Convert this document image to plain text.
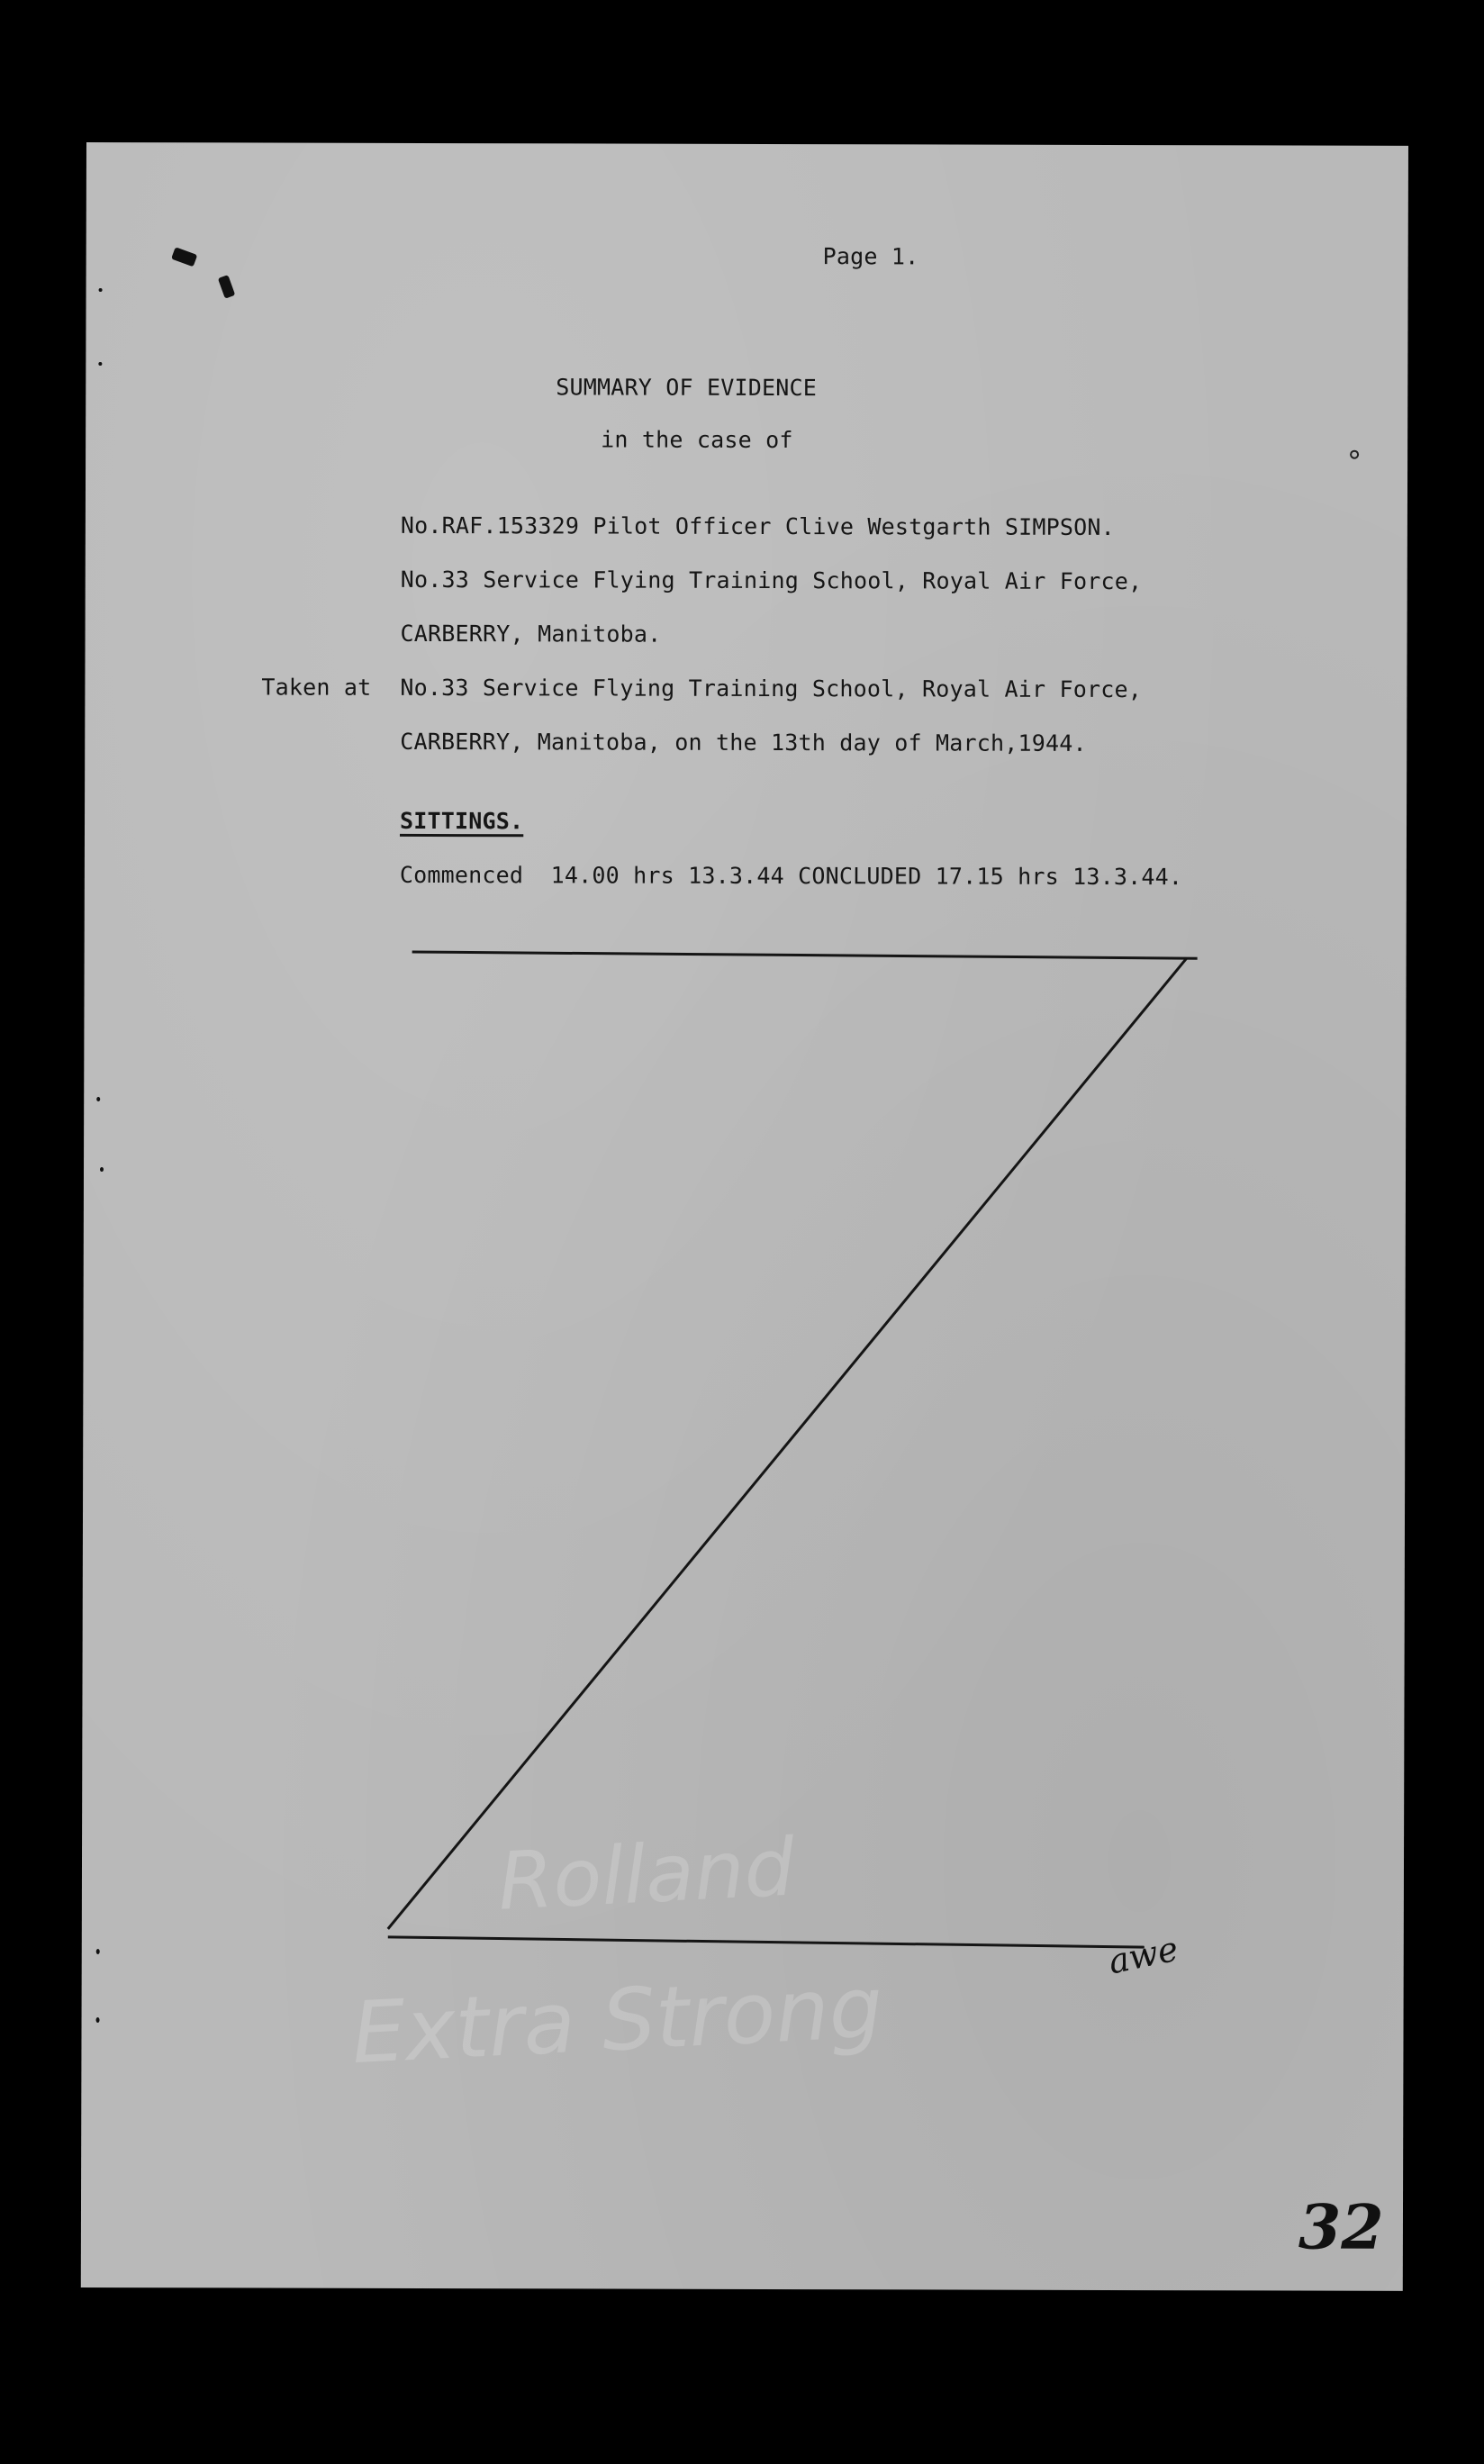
Page 1.
SUMMARY OF EVIDENCE
in the case of
No.RAF.153329 Pilot Officer Clive Westgarth SIMPSON.
No.33 Service Flying Training School, Royal Air Force,
CARBERRY, Manitoba.
Taken at No.33 Service Flying Training School, Royal Air Force,
CARBERRY, Manitoba, on the 13th day of March,1944.
SITTINGS.
Commenced  14.00 hrs 13.3.44 CONCLUDED 17.15 hrs 13.3.44.
Rolland
Extra Strong
awe
32
